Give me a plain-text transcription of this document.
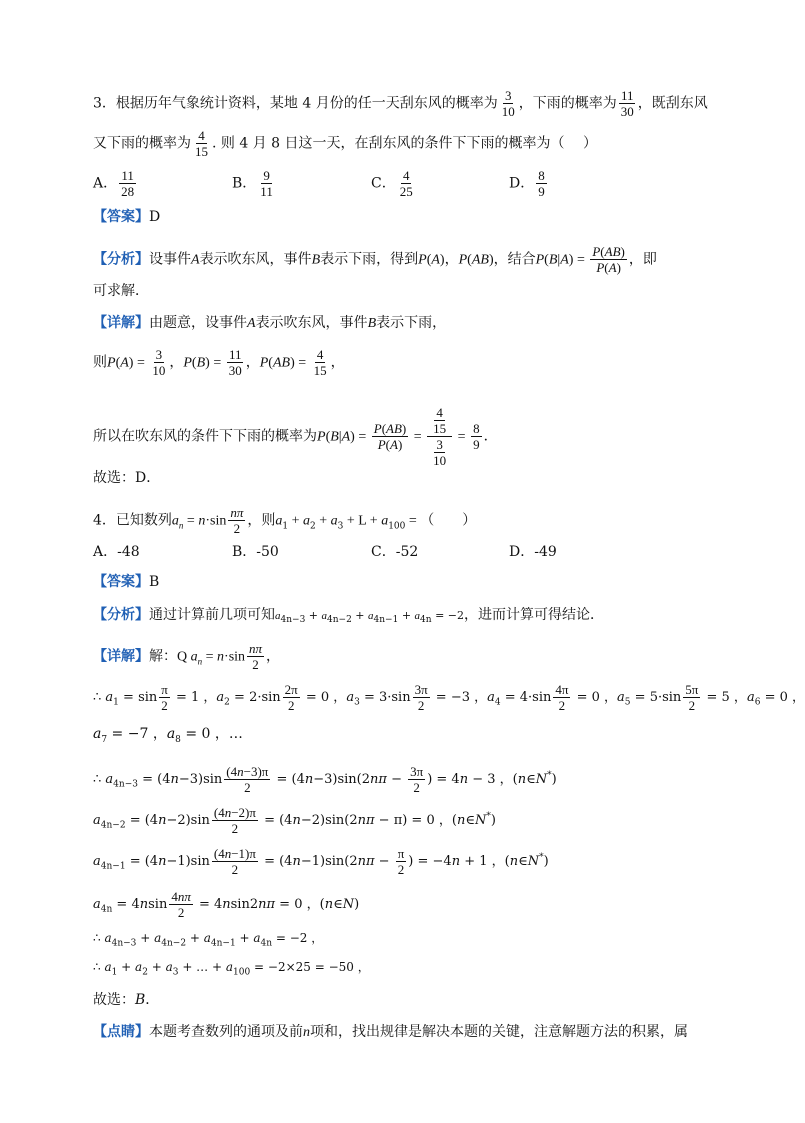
3．根据历年气象统计资料，某地 4 月份的任一天刮东风的概率为 $\frac{3}{10}$ ，下雨的概率为 $\frac{11}{30}$ ，既刮东风
又下雨的概率为 $\frac{4}{15}$ . 则 4 月 8 日这一天，在刮东风的条件下下雨的概率为（　 ）
A． $\frac{11}{28}$	B． $\frac{9}{11}$	C． $\frac{4}{25}$	D． $\frac{8}{9}$
【答案】D
【分析】设事件A表示吹东风，事件B表示下雨，得到P(A)，P(AB)，结合$P(B|A) = \frac{P(AB)}{P(A)}$ ，即
可求解．
【详解】由题意，设事件A表示吹东风，事件B表示下雨，
则$P(A) = \frac{3}{10}$ ，$P(B) = \frac{11}{30}$ ，$P(AB) = \frac{4}{15}$ ，
所以在吹东风的条件下下雨的概率为$P(B|A) = \frac{P(AB)}{P(A)} = \frac{\frac{4}{15}}{\frac{3}{10}} = \frac{8}{9}$ ．
故选：D．
4．已知数列$a_n = n\cdot\sin \frac{n\pi}{2}$ ，则$a_1 + a_2 + a_3 + L + a_{100}$ = （　　）
A．-48	B．-50	C．-52	D．-49
【答案】B
【分析】通过计算前几项可知$a_{4n-3} + a_{4n-2} + a_{4n-1} + a_{4n} = -2$，进而计算可得结论．
【详解】解：Q $a_n = n\cdot\sin \frac{n\pi}{2}$ ，
∴ $a_1 = \sin \frac{\pi}{2} = 1$ ，$a_2 = 2\cdot\sin \frac{2\pi}{2} = 0$ ，$a_3 = 3\cdot\sin \frac{3\pi}{2} = -3$ ，$a_4 = 4\cdot\sin \frac{4\pi}{2} = 0$ ，$a_5 = 5\cdot\sin \frac{5\pi}{2} = 5$ ，$a_6 = 0$ ，
$a_7 = -7$ ，$a_8 = 0$ ，…
∴ $a_{4n-3} = (4n-3)\sin \frac{(4n-3)\pi}{2} = (4n-3)\sin(2n\pi - \frac{3\pi}{2}$ ) = 4n − 3 ，(n∈N*)
$a_{4n-2} = (4n-2)\sin \frac{(4n-2)\pi}{2} = (4n-2)\sin(2n\pi - \pi) = 0$ ，(n∈N*)
$a_{4n-1} = (4n-1)\sin \frac{(4n-1)\pi}{2} = (4n-1)\sin(2n\pi - \frac{\pi}{2}$ ) = −4n + 1 ，(n∈N*)
$a_{4n} = 4nsin \frac{4n\pi}{2} = 4nsin2n\pi = 0$ ，(n∈N)
∴ $a_{4n-3} + a_{4n-2} + a_{4n-1} + a_{4n} = -2$ ，
∴ $a_1 + a_2 + a_3$ + … + $a_{100} = -2\times 25 = -50$ ，
故选：B．
【点睛】本题考查数列的通项及前n项和，找出规律是解决本题的关键，注意解题方法的积累，属
